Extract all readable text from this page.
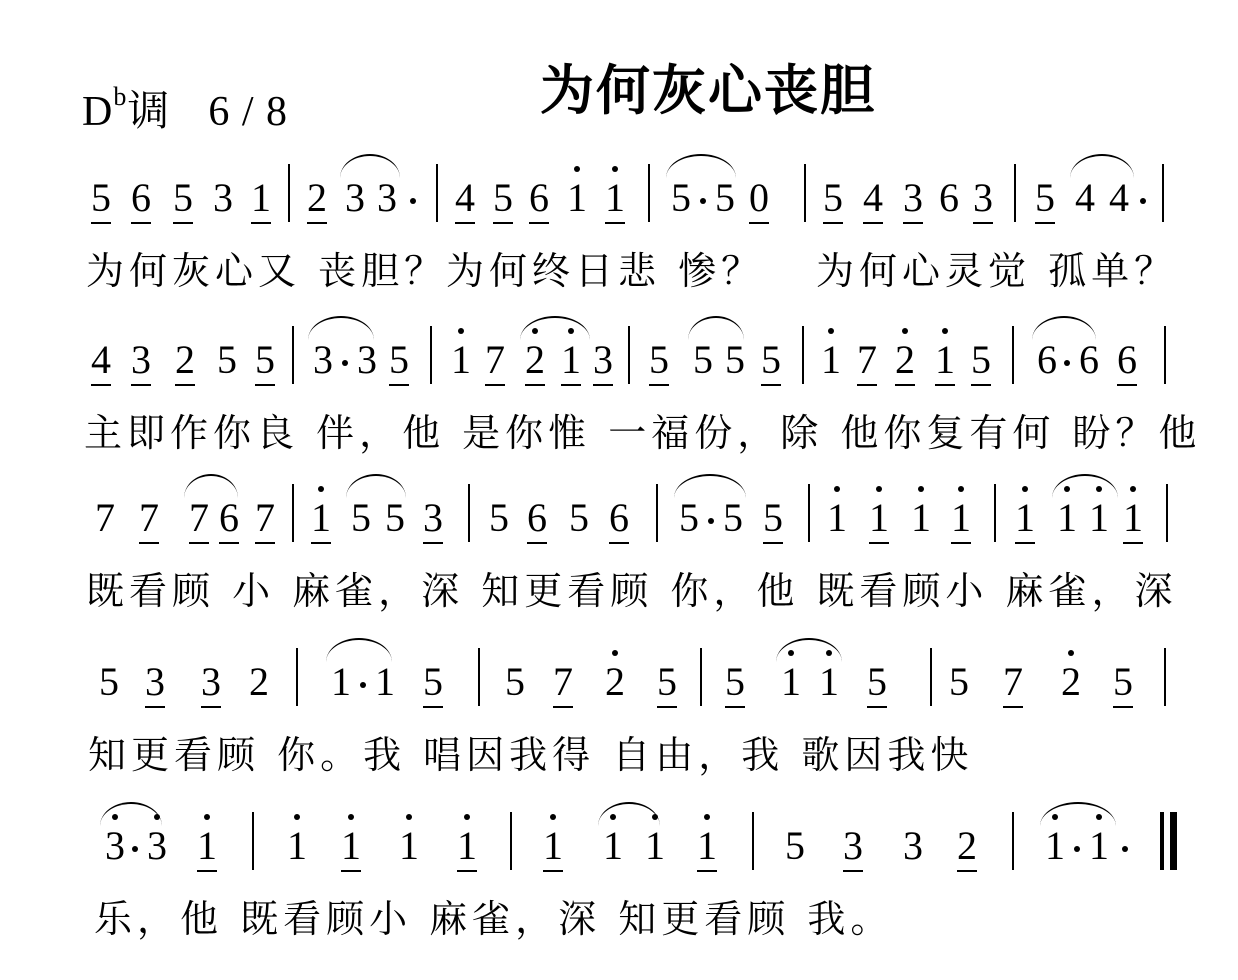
$D^b$调 6 / 8	为何灰心丧胆
5 6 5 3 1 2 3 3 4 5 6 1 1 5 5 0 5 4 3 6 3 5 4 4
为何灰心又 丧胆？
为何终日悲 惨？ 为何心灵觉 孤单？
4 3 2 5 5 3 3 5 1 7 2 1 3 5 5 5 5 1 7 2 1 5 6 6 6
主即作你良 伴，他 是你惟 一福份，除 他你复有何 盼？他
7 7 7 6 7 1 5 5 3 5 6 5 6 5 5 5 1 1 1 1 1 1 1 1
既看顾 小 麻雀，深 知更看顾 你，他 既看顾小 麻雀，深
5 3 3 2 1 1 5 5 7 2 5 5 1 1 5 5 7 2 5
知更看顾 你。我 唱因我得 自由，我 歌因我快
3 3 1 1 1 1 1 1 1 1 1 5 3 3 2 1 1
乐，他 既看顾小 麻雀，深 知更看顾 我。
